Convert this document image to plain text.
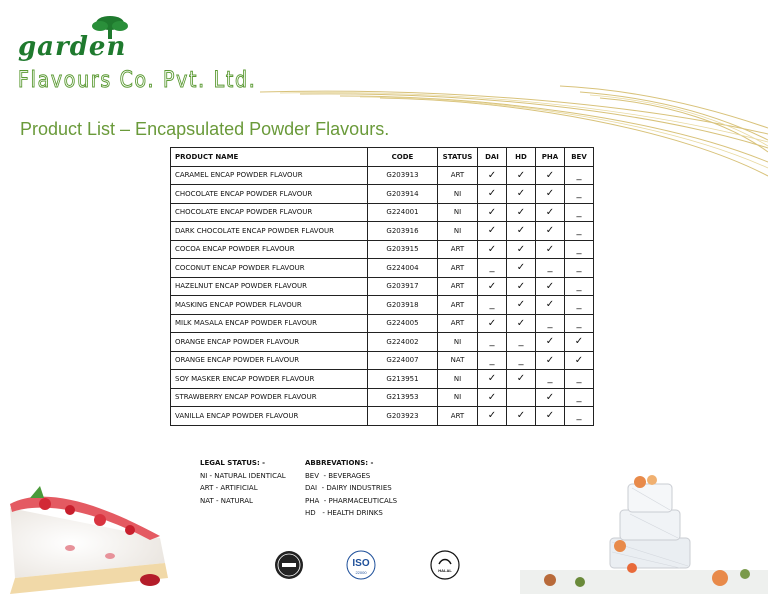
garden
Flavours Co. Pvt. Ltd.
Product List – Encapsulated Powder Flavours.
PRODUCT NAME	CODE	STATUS	DAI	HD	PHA	BEV
CARAMEL ENCAP POWDER FLAVOUR	G203913	ART	✓	✓	✓	_
CHOCOLATE ENCAP POWDER FLAVOUR	G203914	NI	✓	✓	✓	_
CHOCOLATE ENCAP POWDER FLAVOUR	G224001	NI	✓	✓	✓	_
DARK CHOCOLATE ENCAP POWDER FLAVOUR	G203916	NI	✓	✓	✓	_
COCOA ENCAP POWDER FLAVOUR	G203915	ART	✓	✓	✓	_
COCONUT ENCAP POWDER FLAVOUR	G224004	ART	_	✓	_	_
HAZELNUT ENCAP POWDER FLAVOUR	G203917	ART	✓	✓	✓	_
MASKING ENCAP POWDER FLAVOUR	G203918	ART	_	✓	✓	_
MILK MASALA ENCAP POWDER FLAVOUR	G224005	ART	✓	✓	_	_
ORANGE ENCAP POWDER FLAVOUR	G224002	NI	_	_	✓	✓
ORANGE ENCAP POWDER FLAVOUR	G224007	NAT	_	_	✓	✓
SOY MASKER ENCAP POWDER FLAVOUR	G213951	NI	✓	✓	_	_
STRAWBERRY ENCAP POWDER FLAVOUR	G213953	NI	✓		✓	_
VANILLA ENCAP POWDER FLAVOUR	G203923	ART	✓	✓	✓	_
LEGAL STATUS: -
NI - NATURAL IDENTICAL
ART - ARTIFICIAL
NAT - NATURAL
ABBREVATIONS: -
BEV  - BEVERAGES
DAI  - DAIRY INDUSTRIES
PHA  - PHARMACEUTICALS
HD   - HEALTH DRINKS
ISO
22000	HALAL
